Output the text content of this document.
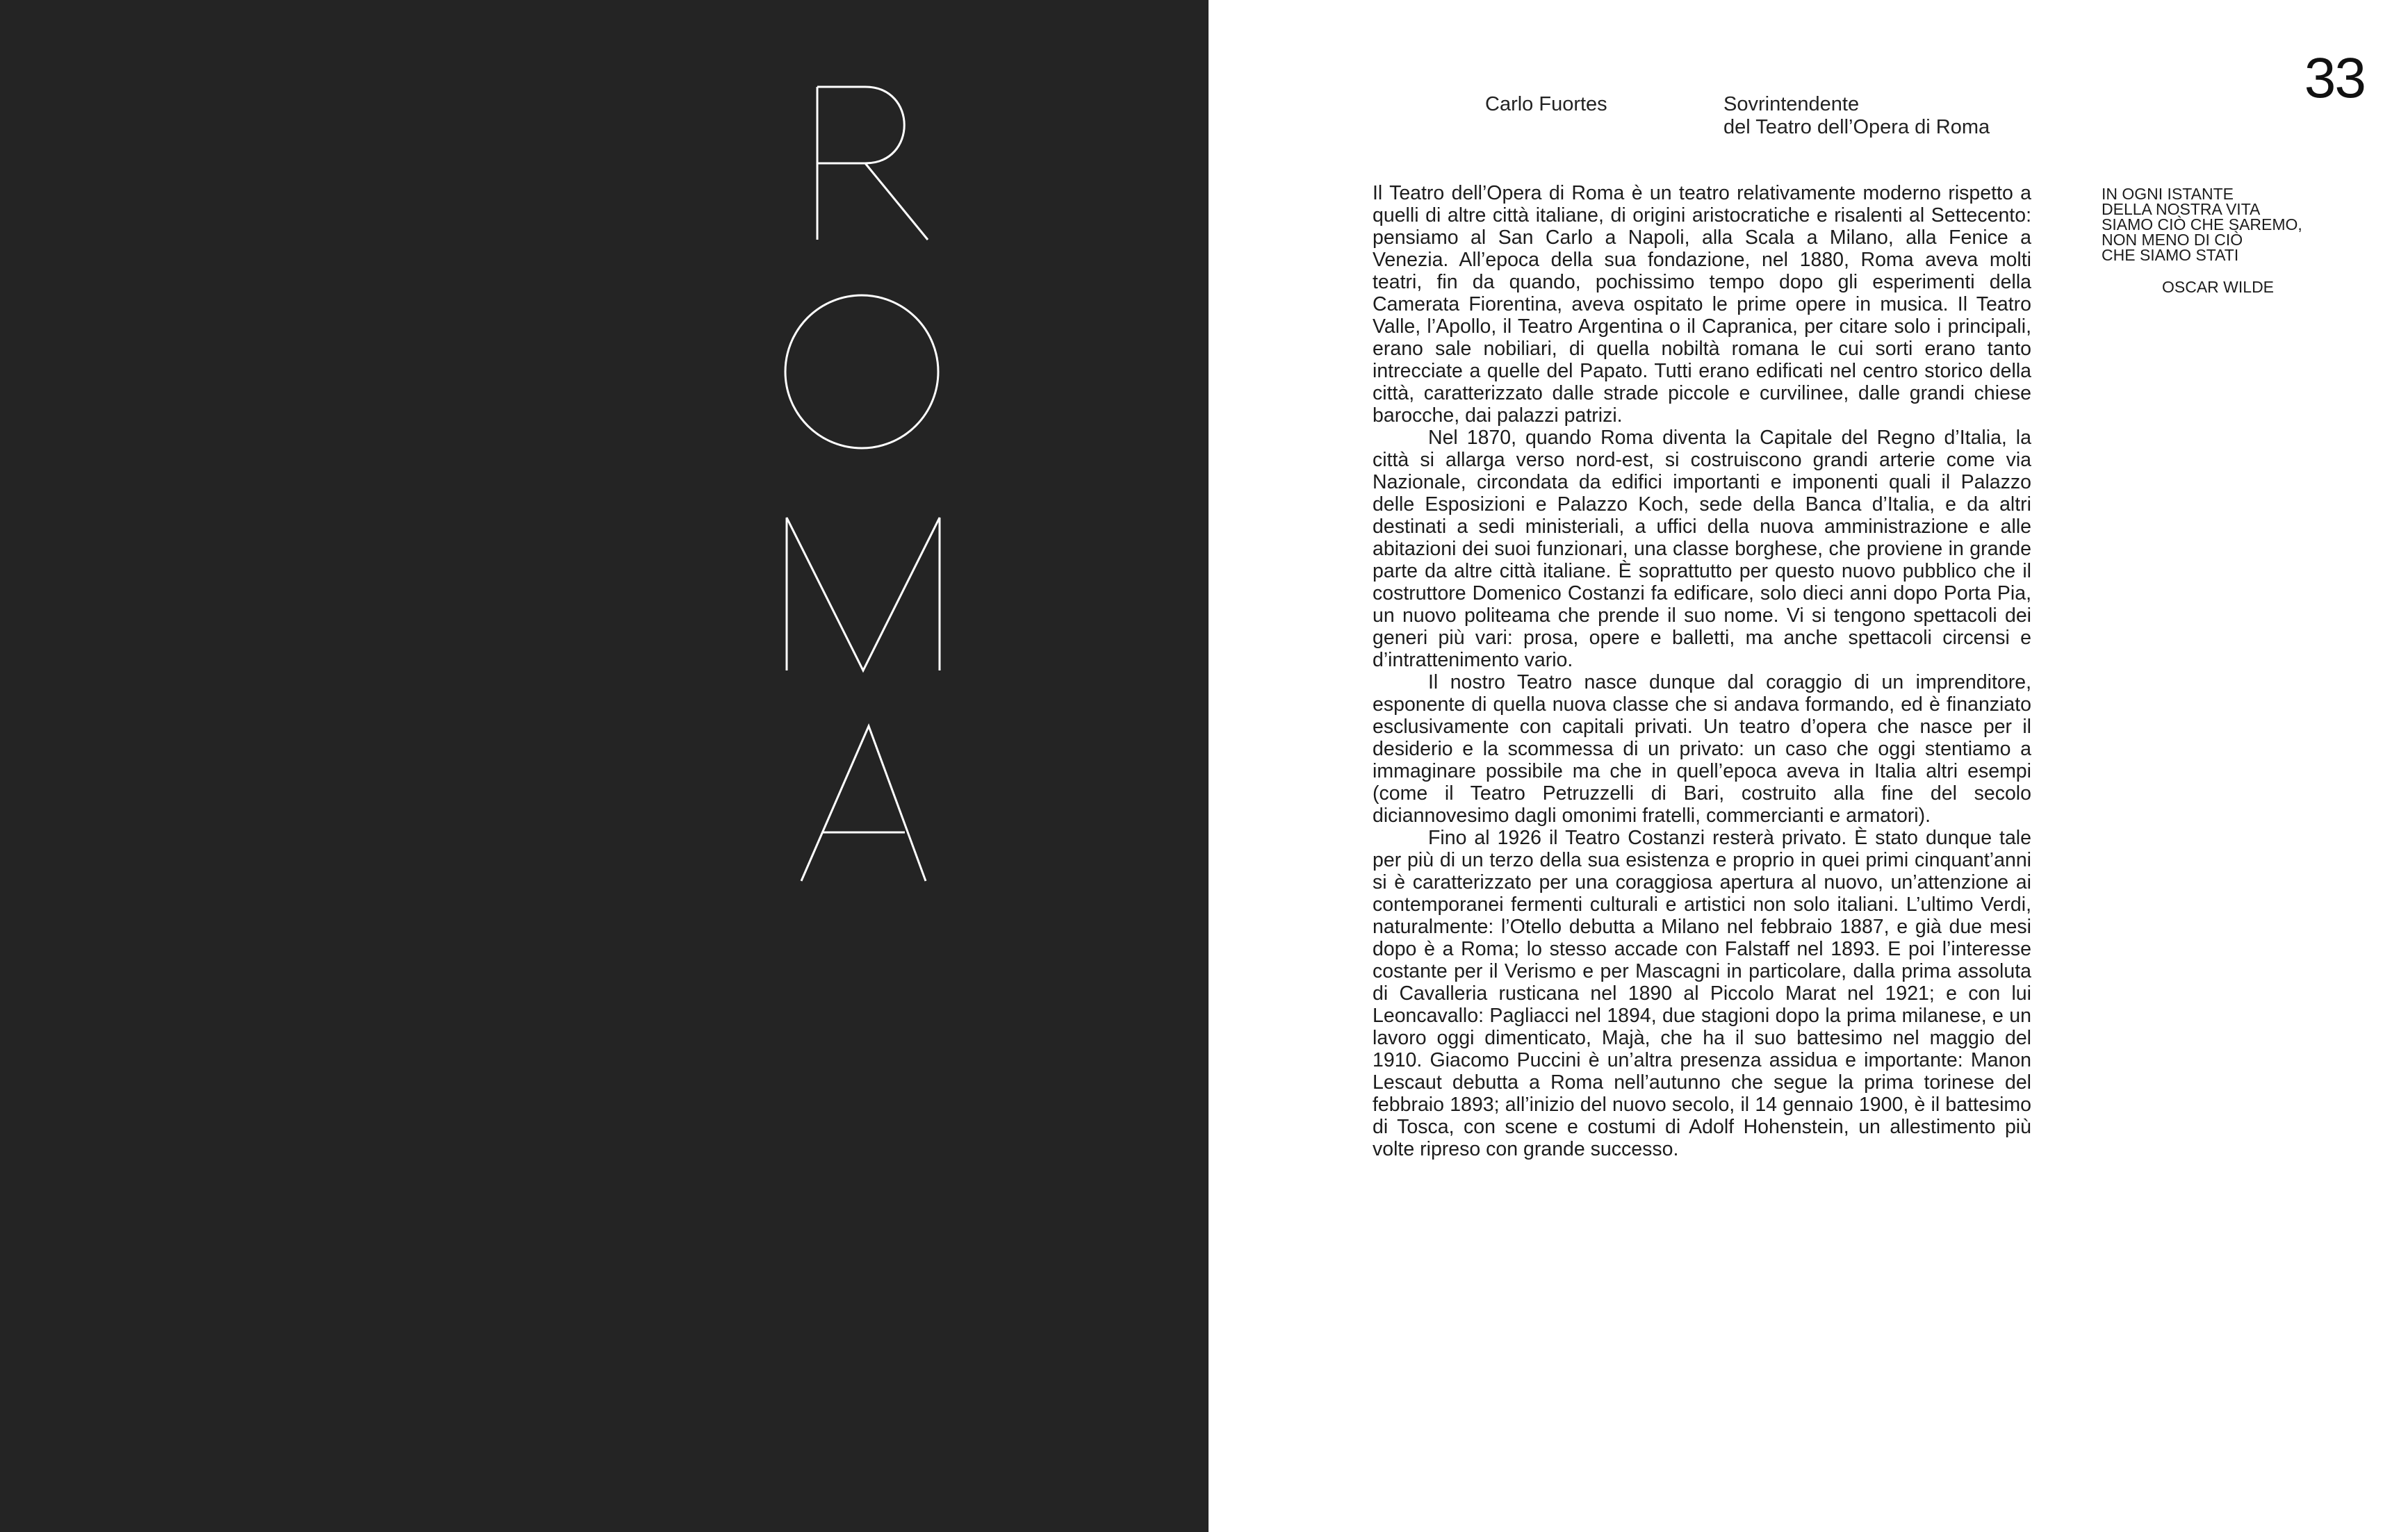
33
Carlo Fuortes	Sovrintendente
del Teatro dell’Opera di Roma

Il Teatro dell’Opera di Roma è un teatro relativamente moderno rispetto a quelli di altre città italiane, di origini aristocratiche e risalenti al Settecento: pensiamo al San Carlo a Napoli, alla Scala a Milano, alla Fenice a Venezia. All’epoca della sua fondazione, nel 1880, Roma aveva molti teatri, fin da quando, pochissimo tempo dopo gli esperimenti della Camerata Fiorentina, aveva ospitato le prime opere in musica. Il Teatro Valle, l’Apollo, il Teatro Argentina o il Capranica, per citare solo i principali, erano sale nobiliari, di quella nobiltà romana le cui sorti erano tanto intrecciate a quelle del Papato. Tutti erano edificati nel centro storico della città, caratterizzato dalle strade piccole e curvilinee, dalle grandi chiese barocche, dai palazzi patrizi.

Nel 1870, quando Roma diventa la Capitale del Regno d’Italia, la città si allarga verso nord-est, si costruiscono grandi arterie come via Nazionale, circondata da edifici importanti e imponenti quali il Palazzo delle Esposizioni e Palazzo Koch, sede della Banca d’Italia, e da altri destinati a sedi ministeriali, a uffici della nuova amministrazione e alle abitazioni dei suoi funzionari, una classe borghese, che proviene in grande parte da altre città italiane. È soprattutto per questo nuovo pubblico che il costruttore Domenico Costanzi fa edificare, solo dieci anni dopo Porta Pia, un nuovo politeama che prende il suo nome. Vi si tengono spettacoli dei generi più vari: prosa, opere e balletti, ma anche spettacoli circensi e d’intrattenimento vario.

Il nostro Teatro nasce dunque dal coraggio di un imprenditore, esponente di quella nuova classe che si andava formando, ed è finanziato esclusivamente con capitali privati. Un teatro d’opera che nasce per il desiderio e la scommessa di un privato: un caso che oggi stentiamo a immaginare possibile ma che in quell’epoca aveva in Italia altri esempi (come il Teatro Petruzzelli di Bari, costruito alla fine del secolo diciannovesimo dagli omonimi fratelli, commercianti e armatori).

Fino al 1926 il Teatro Costanzi resterà privato. È stato dunque tale per più di un terzo della sua esistenza e proprio in quei primi cinquant’anni si è caratterizzato per una coraggiosa apertura al nuovo, un’attenzione ai contemporanei fermenti culturali e artistici non solo italiani. L’ultimo Verdi, naturalmente: l’Otello debutta a Milano nel febbraio 1887, e già due mesi dopo è a Roma; lo stesso accade con Falstaff nel 1893. E poi l’interesse costante per il Verismo e per Mascagni in particolare, dalla prima assoluta di Cavalleria rusticana nel 1890 al Piccolo Marat nel 1921; e con lui Leoncavallo: Pagliacci nel 1894, due stagioni dopo la prima milanese, e un lavoro oggi dimenticato, Majà, che ha il suo battesimo nel maggio del 1910. Giacomo Puccini è un’altra presenza assidua e importante: Manon Lescaut debutta a Roma nell’autunno che segue la prima torinese del febbraio 1893; all’inizio del nuovo secolo, il 14 gennaio 1900, è il battesimo di Tosca, con scene e costumi di Adolf Hohenstein, un allestimento più volte ripreso con grande successo.

IN OGNI ISTANTE
DELLA NOSTRA VITA
SIAMO CIÒ CHE SAREMO,
NON MENO DI CIÒ
CHE SIAMO STATI
OSCAR WILDE
